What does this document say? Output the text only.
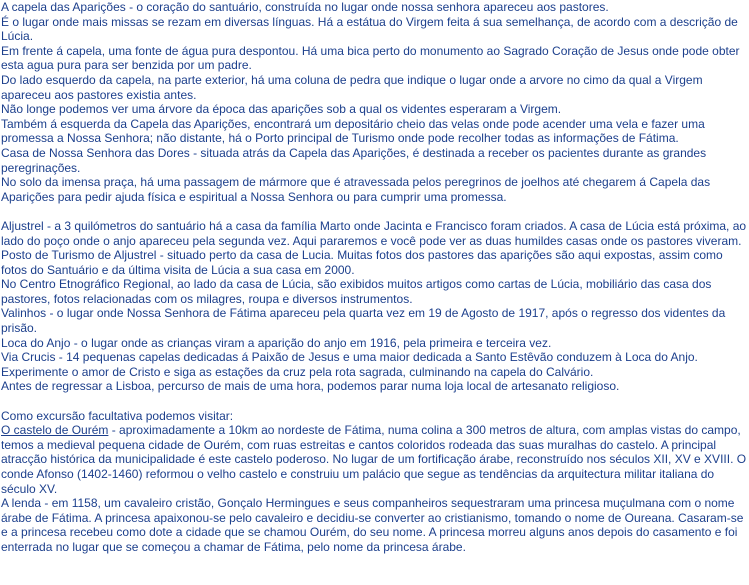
A capela das Aparições - o coração do santuário, construída no lugar onde nossa senhora apareceu aos pastores.

É o lugar onde mais missas se rezam em diversas línguas. Há a estátua do Virgem feita á sua semelhança, de acordo com a descrição de Lúcia.

Em frente á capela, uma fonte de água pura despontou. Há uma bica perto do monumento ao Sagrado Coração de Jesus onde pode obter esta agua pura para ser benzida por um padre.

Do lado esquerdo da capela, na parte exterior, há uma coluna de pedra que indique o lugar onde a arvore no cimo da qual a Virgem apareceu aos pastores existia antes.

Não longe podemos ver uma árvore da época das aparições sob a qual os videntes esperaram a Virgem.

Também á esquerda da Capela das Aparições, encontrará um depositário cheio das velas onde pode acender uma vela e fazer uma promessa a Nossa Senhora; não distante, há o Porto principal de Turismo onde pode recolher todas as informações de Fátima.

Casa de Nossa Senhora das Dores - situada atrás da Capela das Aparições, é destinada a receber os pacientes durante as grandes peregrinações.

No solo da imensa praça, há uma passagem de mármore que é atravessada pelos peregrinos de joelhos até chegarem á Capela das Aparições para pedir ajuda física e espiritual a Nossa Senhora ou para cumprir uma promessa.

Aljustrel - a 3 quilómetros do santuário há a casa da família Marto onde Jacinta e Francisco foram criados. A casa de Lúcia está próxima, ao lado do poço onde o anjo apareceu pela segunda vez. Aqui pararemos e você pode ver as duas humildes casas onde os pastores viveram.

Posto de Turismo de Aljustrel - situado perto da casa de Lucia. Muitas fotos dos pastores das aparições são aqui expostas, assim como fotos do Santuário e da última visita de Lúcia a sua casa em 2000.

No Centro Etnográfico Regional, ao lado da casa de Lúcia, são exibidos muitos artigos como cartas de Lúcia, mobiliário das casa dos pastores, fotos relacionadas com os milagres, roupa e diversos instrumentos.

Valinhos - o lugar onde Nossa Senhora de Fátima apareceu pela quarta vez em 19 de Agosto de 1917, após o regresso dos videntes da prisão.

Loca do Anjo - o lugar onde as crianças viram a aparição do anjo em 1916, pela primeira e terceira vez.

Via Crucis - 14 pequenas capelas dedicadas á Paixão de Jesus e uma maior dedicada a Santo Estêvão conduzem à Loca do Anjo. Experimente o amor de Cristo e siga as estações da cruz pela rota sagrada, culminando na capela do Calvário.

Antes de regressar a Lisboa, percurso de mais de uma hora, podemos parar numa loja local de artesanato religioso.

Como excursão facultativa podemos visitar:

O castelo de Ourém - aproximadamente a 10km ao nordeste de Fátima, numa colina a 300 metros de altura, com amplas vistas do campo, temos a medieval pequena cidade de Ourém, com ruas estreitas e cantos coloridos rodeada das suas muralhas do castelo. A principal atracção histórica da municipalidade é este castelo poderoso. No lugar de um fortificação árabe, reconstruído nos séculos XII, XV e XVIII. O conde Afonso (1402-1460) reformou o velho castelo e construiu um palácio que segue as tendências da arquitectura militar italiana do século XV.

A lenda - em 1158, um cavaleiro cristão, Gonçalo Hermingues e seus companheiros sequestraram uma princesa muçulmana com o nome árabe de Fátima. A princesa apaixonou-se pelo cavaleiro e decidiu-se converter ao cristianismo, tomando o nome de Oureana. Casaram-se e a princesa recebeu como dote a cidade que se chamou Ourém, do seu nome. A princesa morreu alguns anos depois do casamento e foi enterrada no lugar que se começou a chamar de Fátima, pelo nome da princesa árabe.
